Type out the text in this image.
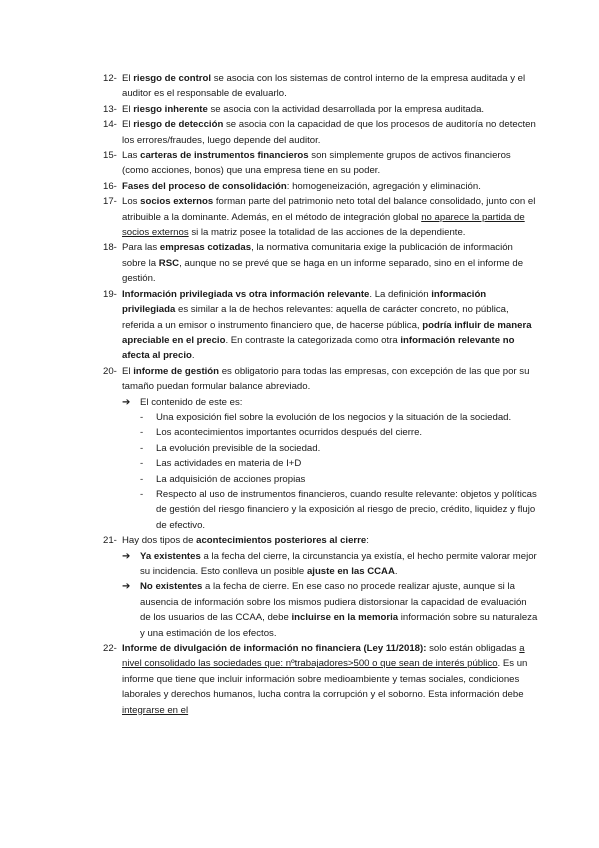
12- El riesgo de control se asocia con los sistemas de control interno de la empresa auditada y el auditor es el responsable de evaluarlo.
13- El riesgo inherente se asocia con la actividad desarrollada por la empresa auditada.
14- El riesgo de detección se asocia con la capacidad de que los procesos de auditoría no detecten los errores/fraudes, luego depende del auditor.
15- Las carteras de instrumentos financieros son simplemente grupos de activos financieros (como acciones, bonos) que una empresa tiene en su poder.
16- Fases del proceso de consolidación: homogeneización, agregación y eliminación.
17- Los socios externos forman parte del patrimonio neto total del balance consolidado, junto con el atribuible a la dominante. Además, en el método de integración global no aparece la partida de socios externos si la matriz posee la totalidad de las acciones de la dependiente.
18- Para las empresas cotizadas, la normativa comunitaria exige la publicación de información sobre la RSC, aunque no se prevé que se haga en un informe separado, sino en el informe de gestión.
19- Información privilegiada vs otra información relevante. La definición información privilegiada es similar a la de hechos relevantes: aquella de carácter concreto, no pública, referida a un emisor o instrumento financiero que, de hacerse pública, podría influir de manera apreciable en el precio. En contraste la categorizada como otra información relevante no afecta al precio.
20- El informe de gestión es obligatorio para todas las empresas, con excepción de las que por su tamaño puedan formular balance abreviado.
➔ El contenido de este es:
- Una exposición fiel sobre la evolución de los negocios y la situación de la sociedad.
- Los acontecimientos importantes ocurridos después del cierre.
- La evolución previsible de la sociedad.
- Las actividades en materia de I+D
- La adquisición de acciones propias
- Respecto al uso de instrumentos financieros, cuando resulte relevante: objetos y políticas de gestión del riesgo financiero y la exposición al riesgo de precio, crédito, liquidez y flujo de efectivo.
21- Hay dos tipos de acontecimientos posteriores al cierre:
➔ Ya existentes a la fecha del cierre, la circunstancia ya existía, el hecho permite valorar mejor su incidencia. Esto conlleva un posible ajuste en las CCAA.
➔ No existentes a la fecha de cierre. En ese caso no procede realizar ajuste, aunque si la ausencia de información sobre los mismos pudiera distorsionar la capacidad de evaluación de los usuarios de las CCAA, debe incluirse en la memoria información sobre su naturaleza y una estimación de los efectos.
22- Informe de divulgación de información no financiera (Ley 11/2018): solo están obligadas a nivel consolidado las sociedades que: nºtrabajadores>500 o que sean de interés público. Es un informe que tiene que incluir información sobre medioambiente y temas sociales, condiciones laborales y derechos humanos, lucha contra la corrupción y el soborno. Esta información debe integrarse en el
